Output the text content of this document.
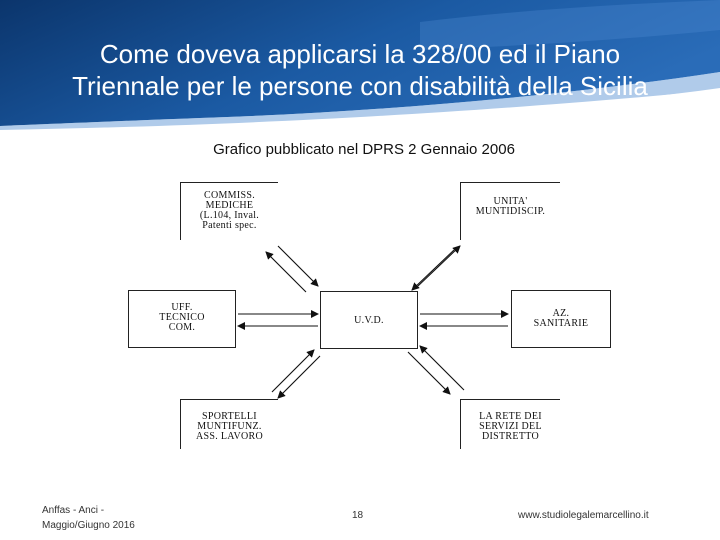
Come doveva applicarsi la 328/00 ed il Piano
Triennale per le persone con disabilità della Sicilia
Grafico pubblicato nel DPRS 2 Gennaio 2006
COMMISS.
MEDICHE
(L.104, Inval.
Patenti spec.
UNITA'
MUNTIDISCIP.
UFF.
TECNICO
COM.
U.V.D.
AZ.
SANITARIE
SPORTELLI
MUNTIFUNZ.
ASS. LAVORO
LA RETE DEI
SERVIZI DEL
DISTRETTO
Anffas - Anci -
Maggio/Giugno 2016
18	www.studiolegalemarcellino.it
